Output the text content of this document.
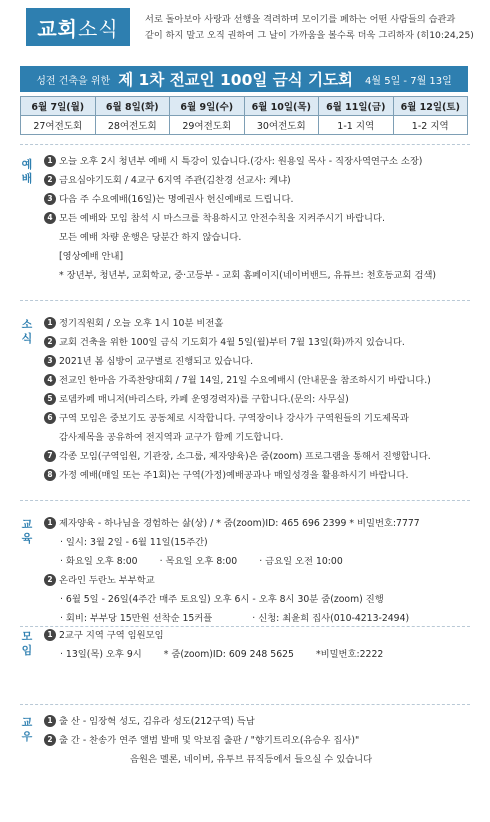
교회 소식	서로 돌아보아 사랑과 선행을 격려하며 모이기를 폐하는 어떤 사람들의 습관과
같이 하지 말고 오직 권하여 그 날이 가까움을 볼수록 더욱 그리하자 (히10:24,25)
성전 건축을 위한 제 1차 전교인 100일 금식 기도회 4월 5일 - 7월 13일
6월 7일(월)	6월 8일(화)	6월 9일(수)	6월 10일(목)	6월 11일(금)	6월 12일(토)
27여전도회	28여전도회	29여전도회	30여전도회	1-1 지역	1-2 지역
예
배
1 오늘 오후 2시 청년부 예배 시 특강이 있습니다.(강사: 원용일 목사 - 직장사역연구소 소장)
2 금요심야기도회 / 4교구 6지역 주관(김찬경 선교사: 케냐)
3 다음 주 수요예배(16일)는 명예권사 헌신예배로 드립니다.
4 모든 예배와 모임 참석 시 마스크를 착용하시고 안전수칙을 지켜주시기 바랍니다.
모든 예배 차량 운행은 당분간 하지 않습니다.
[영상예배 안내]
* 장년부, 청년부, 교회학교, 중·고등부 - 교회 홈페이지(네이버밴드, 유튜브: 천호동교회 검색)
소
식
1 정기직원회 / 오늘 오후 1시 10분 비전홀
2 교회 건축을 위한 100일 금식 기도회가 4월 5일(월)부터 7월 13일(화)까지 있습니다.
3 2021년 봄 심방이 교구별로 진행되고 있습니다.
4 전교인 한마음 가족찬양대회 / 7월 14일, 21일 수요예배시 (안내문을 참조하시기 바랍니다.)
5 로뎀카페 매니저(바리스타, 카페 운영경력자)를 구합니다.(문의: 사무실)
6 구역 모임은 중보기도 공동체로 시작합니다. 구역장이나 강사가 구역원들의 기도제목과
감사제목을 공유하여 전지역과 교구가 함께 기도합니다.
7 각종 모임(구역임원, 기관장, 소그룹, 제자양육)은 줌(zoom) 프로그램을 통해서 진행합니다.
8 가정 예배(매일 또는 주1회)는 구역(가정)예배공과나 매일성경을 활용하시기 바랍니다.
교
육
1 제자양육 - 하나님을 경험하는 삶(상) / * 줌(zoom)ID: 465 696 2399 * 비밀번호:7777
· 일시: 3월 2일 - 6월 11일(15주간)
· 화요일 오후 8:00 · 목요일 오후 8:00 · 금요일 오전 10:00
2 온라인 두란노 부부학교
· 6월 5일 - 26일(4주간 매주 토요일) 오후 6시 - 오후 8시 30분 줌(zoom) 진행
· 회비: 부부당 15만원 선착순 15커플	· 신청: 최윤희 집사(010-4213-2494)
모
임
1 2교구 지역 구역 임원모임
· 13일(목) 오후 9시 * 줌(zoom)ID: 609 248 5625 *비밀번호:2222
교
우
1 출 산 - 임장혁 성도, 김유라 성도(212구역) 득남
2 출 간 - 찬송가 연주 앨범 발매 및 악보집 출판 / "향기트리오(유승우 집사)"
음원은 멜론, 네이버, 유투브 뮤직등에서 들으실 수 있습니다
